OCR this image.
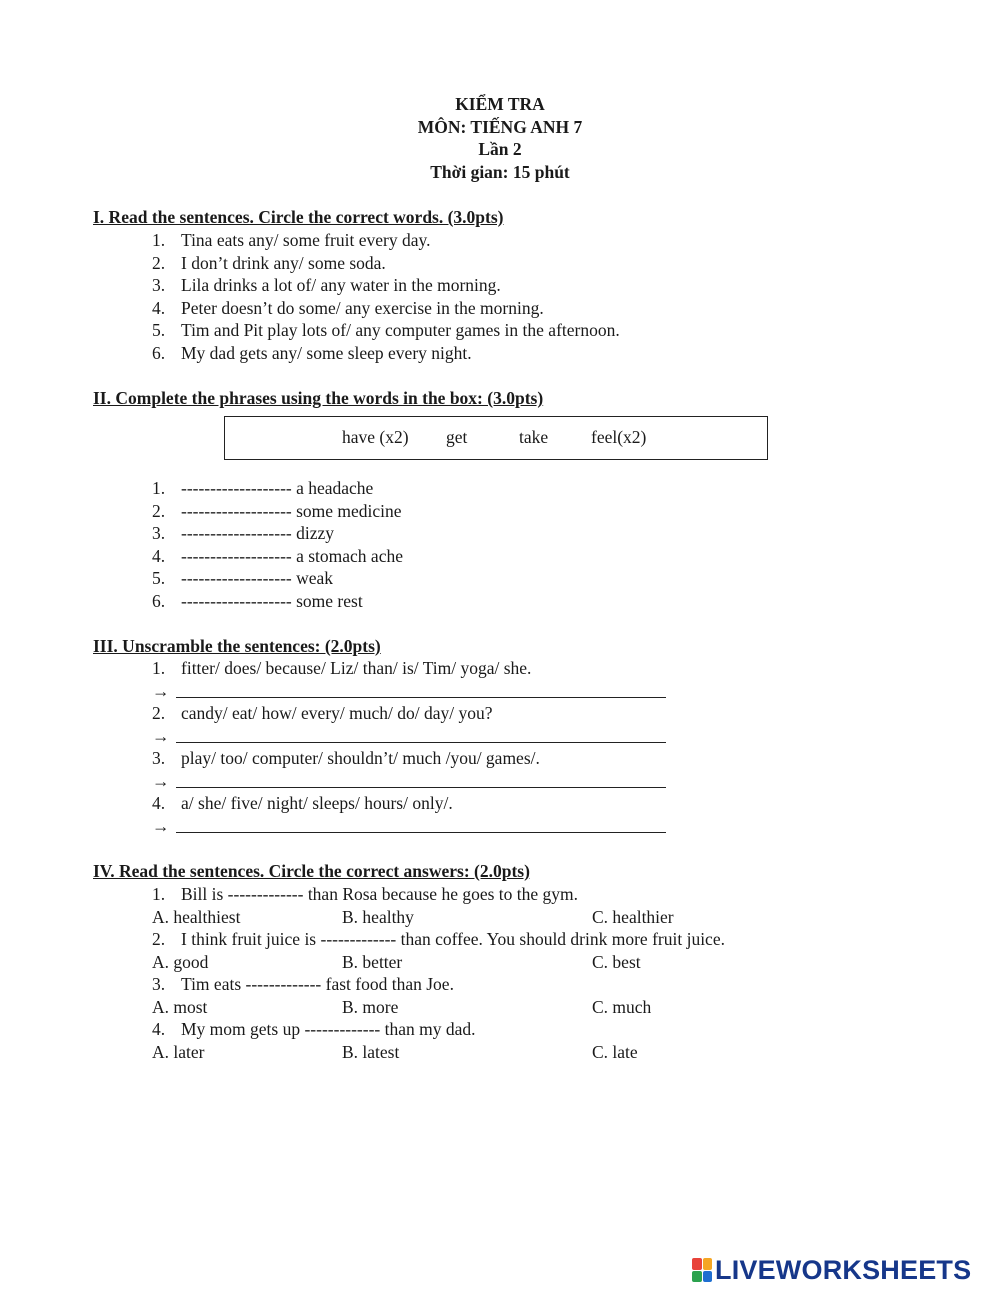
KIỂM TRA
MÔN: TIẾNG ANH 7
Lần 2
Thời gian: 15 phút
I. Read the sentences. Circle the correct words. (3.0pts)
1. Tina eats any/ some fruit every day.
2. I don’t drink any/ some soda.
3. Lila drinks a lot of/ any water in the morning.
4. Peter doesn’t do some/ any exercise in the morning.
5. Tim and Pit play lots of/ any computer games in the afternoon.
6. My dad gets any/ some sleep every night.
II. Complete the phrases using the words in the box: (3.0pts)
have (x2) get	take feel(x2)
1. ------------------- a headache
2. ------------------- some medicine
3. ------------------- dizzy
4. ------------------- a stomach ache
5. ------------------- weak
6. ------------------- some rest
III. Unscramble the sentences: (2.0pts)
1. fitter/ does/ because/ Liz/ than/ is/ Tim/ yoga/ she.
→
2. candy/ eat/ how/ every/ much/ do/ day/ you?
→
3. play/ too/ computer/ shouldn’t/ much /you/ games/.
→
4. a/ she/ five/ night/ sleeps/ hours/ only/.
→
IV. Read the sentences. Circle the correct answers: (2.0pts)
1. Bill is ------------- than Rosa because he goes to the gym.
A. healthiest	B. healthy	C. healthier
2. I think fruit juice is ------------- than coffee. You should drink more fruit juice.
A. good	B. better	C. best
3. Tim eats ------------- fast food than Joe.
A. most	B. more	C. much
4. My mom gets up ------------- than my dad.
A. later	B. latest	C. late
LIVEWORKSHEETS
